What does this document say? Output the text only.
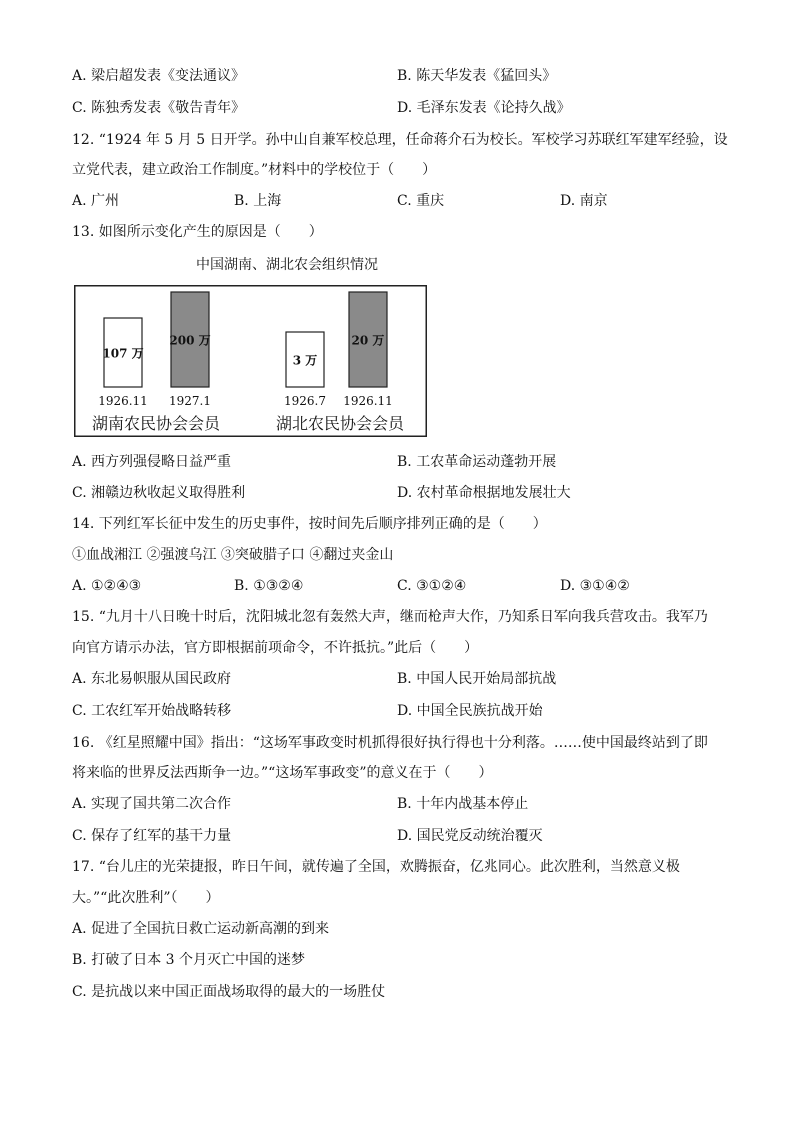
A. 梁启超发表《变法通议》	B. 陈天华发表《猛回头》
C. 陈独秀发表《敬告青年》	D. 毛泽东发表《论持久战》
12. “1924 年 5 月 5 日开学。孙中山自兼军校总理，任命蒋介石为校长。军校学习苏联红军建军经验，设
立党代表，建立政治工作制度。”材料中的学校位于（　　）
A. 广州	B. 上海	C. 重庆	D. 南京
13. 如图所示变化产生的原因是（　　）
中国湖南、湖北农会组织情况
107 万
1926.11
200 万
1927.1
湖南农民协会会员
3 万
1926.7
20 万
1926.11
湖北农民协会会员
A. 西方列强侵略日益严重	B. 工农革命运动蓬勃开展
C. 湘赣边秋收起义取得胜利	D. 农村革命根据地发展壮大
14. 下列红军长征中发生的历史事件，按时间先后顺序排列正确的是（　　）
①血战湘江 ②强渡乌江 ③突破腊子口 ④翻过夹金山
A. ①②④③	B. ①③②④	C. ③①②④	D. ③①④②
15. “九月十八日晚十时后，沈阳城北忽有轰然大声，继而枪声大作，乃知系日军向我兵营攻击。我军乃
向官方请示办法，官方即根据前项命令，不许抵抗。”此后（　　）
A. 东北易帜服从国民政府	B. 中国人民开始局部抗战
C. 工农红军开始战略转移	D. 中国全民族抗战开始
16. 《红星照耀中国》指出：“这场军事政变时机抓得很好执行得也十分利落。……使中国最终站到了即
将来临的世界反法西斯争一边。”“这场军事政变”的意义在于（　　）
A. 实现了国共第二次合作	B. 十年内战基本停止
C. 保存了红军的基干力量	D. 国民党反动统治覆灭
17. “台儿庄的光荣捷报，昨日午间，就传遍了全国，欢腾振奋，亿兆同心。此次胜利，当然意义极
大。”“此次胜利”（　　）
A. 促进了全国抗日救亡运动新高潮的到来
B. 打破了日本 3 个月灭亡中国的迷梦
C. 是抗战以来中国正面战场取得的最大的一场胜仗
